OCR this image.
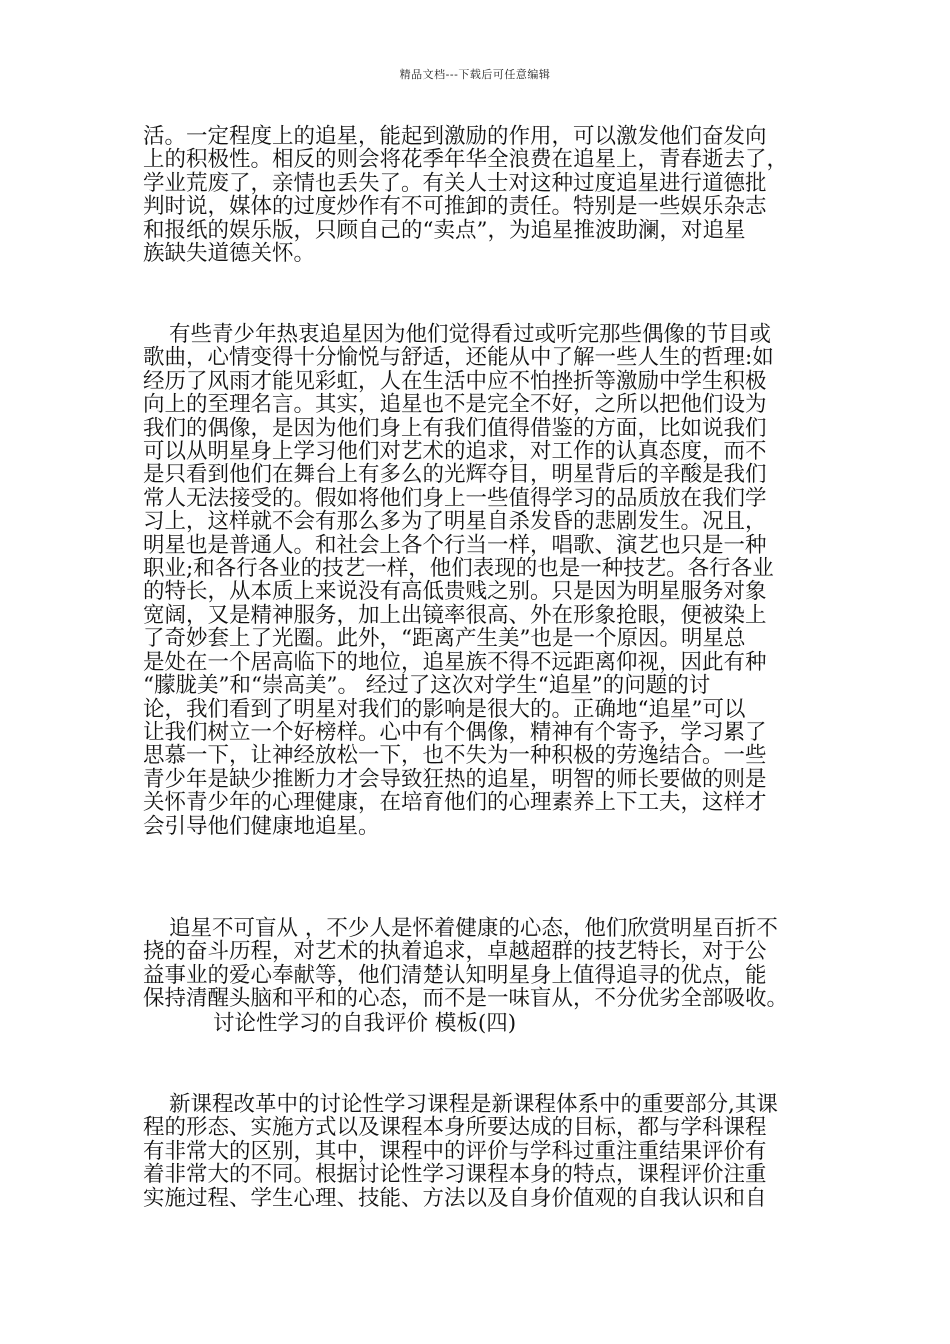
精品文档---下载后可任意编辑

活。一定程度上的追星，能起到激励的作用，可以激发他们奋发向
上的积极性。相反的则会将花季年华全浪费在追星上，青春逝去了，
学业荒废了，亲情也丢失了。有关人士对这种过度追星进行道德批
判时说，媒体的过度炒作有不可推卸的责任。特别是一些娱乐杂志
和报纸的娱乐版，只顾自己的“卖点”，为追星推波助澜，对追星
族缺失道德关怀。

有些青少年热衷追星因为他们觉得看过或听完那些偶像的节目或
歌曲，心情变得十分愉悦与舒适，还能从中了解一些人生的哲理:如
经历了风雨才能见彩虹，人在生活中应不怕挫折等激励中学生积极
向上的至理名言。其实，追星也不是完全不好，之所以把他们设为
我们的偶像，是因为他们身上有我们值得借鉴的方面，比如说我们
可以从明星身上学习他们对艺术的追求，对工作的认真态度，而不
是只看到他们在舞台上有多么的光辉夺目，明星背后的辛酸是我们
常人无法接受的。假如将他们身上一些值得学习的品质放在我们学
习上，这样就不会有那么多为了明星自杀发昏的悲剧发生。况且，
明星也是普通人。和社会上各个行当一样，唱歌、演艺也只是一种
职业;和各行各业的技艺一样，他们表现的也是一种技艺。各行各业
的特长，从本质上来说没有高低贵贱之别。只是因为明星服务对象
宽阔，又是精神服务，加上出镜率很高、外在形象抢眼，便被染上
了奇妙套上了光圈。此外，“距离产生美”也是一个原因。明星总
是处在一个居高临下的地位，追星族不得不远距离仰视，因此有种
“朦胧美”和“崇高美”。 经过了这次对学生“追星”的问题的讨
论，我们看到了明星对我们的影响是很大的。正确地“追星”可以
让我们树立一个好榜样。心中有个偶像，精神有个寄予，学习累了
思慕一下，让神经放松一下，也不失为一种积极的劳逸结合。一些
青少年是缺少推断力才会导致狂热的追星，明智的师长要做的则是
关怀青少年的心理健康，在培育他们的心理素养上下工夫，这样才
会引导他们健康地追星。

追星不可盲从 ，不少人是怀着健康的心态，他们欣赏明星百折不
挠的奋斗历程，对艺术的执着追求，卓越超群的技艺特长，对于公
益事业的爱心奉献等，他们清楚认知明星身上值得追寻的优点，能
保持清醒头脑和平和的心态，而不是一味盲从，不分优劣全部吸收。

讨论性学习的自我评价 模板(四)

新课程改革中的讨论性学习课程是新课程体系中的重要部分,其课
程的形态、实施方式以及课程本身所要达成的目标，都与学科课程
有非常大的区别，其中，课程中的评价与学科过重注重结果评价有
着非常大的不同。根据讨论性学习课程本身的特点，课程评价注重
实施过程、学生心理、技能、方法以及自身价值观的自我认识和自
